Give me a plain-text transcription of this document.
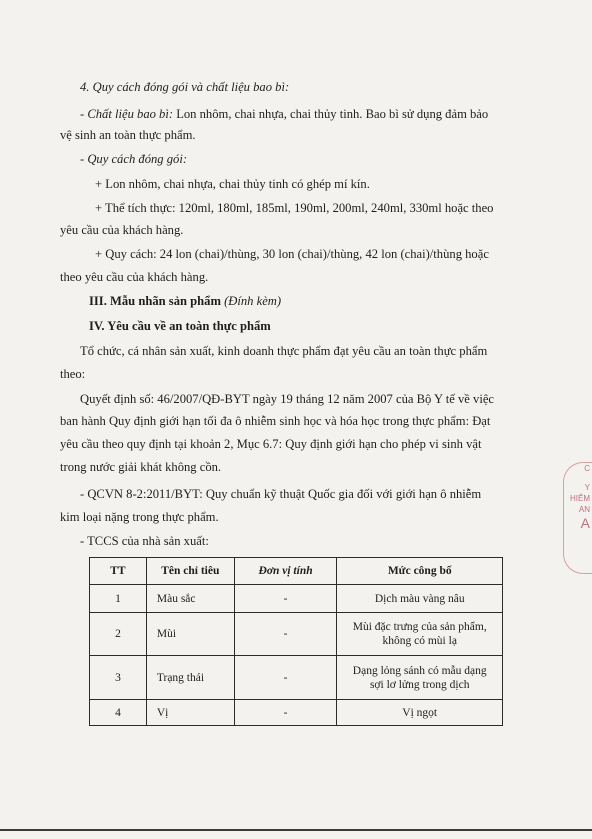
4. Quy cách đóng gói và chất liệu bao bì:
- Chất liệu bao bì: Lon nhôm, chai nhựa, chai thủy tinh. Bao bì sử dụng đảm bảo
vệ sinh an toàn thực phẩm.
- Quy cách đóng gói:
+ Lon nhôm, chai nhựa, chai thủy tinh có ghép mí kín.
+ Thể tích thực: 120ml, 180ml, 185ml, 190ml, 200ml, 240ml, 330ml hoặc theo
yêu cầu của khách hàng.
+ Quy cách: 24 lon (chai)/thùng, 30 lon (chai)/thùng, 42 lon (chai)/thùng hoặc
theo yêu cầu của khách hàng.
III. Mẫu nhãn sản phẩm (Đính kèm)
IV. Yêu cầu về an toàn thực phẩm
Tổ chức, cá nhân sản xuất, kinh doanh thực phẩm đạt yêu cầu an toàn thực phẩm
theo:
Quyết định số: 46/2007/QĐ-BYT ngày 19 tháng 12 năm 2007 của Bộ Y tế về việc
ban hành Quy định giới hạn tối đa ô nhiễm sinh học và hóa học trong thực phẩm: Đạt
yêu cầu theo quy định tại khoản 2, Mục 6.7: Quy định giới hạn cho phép vi sinh vật
trong nước giải khát không cồn.
- QCVN 8-2:2011/BYT: Quy chuẩn kỹ thuật Quốc gia đối với giới hạn ô nhiễm
kim loại nặng trong thực phẩm.
- TCCS của nhà sản xuất:
TT	Tên chỉ tiêu	Đơn vị tính	Mức công bố
1	Màu sắc	-	Dịch màu vàng nâu
2	Mùi	-	Mùi đặc trưng của sản phẩm,
không có mùi lạ

3	Trạng thái	-	Dạng lỏng sánh có mẫu dạng
sợi lơ lửng trong dịch

4	Vị	-	Vị ngọt
C
Y
HIỂM
AN
A
